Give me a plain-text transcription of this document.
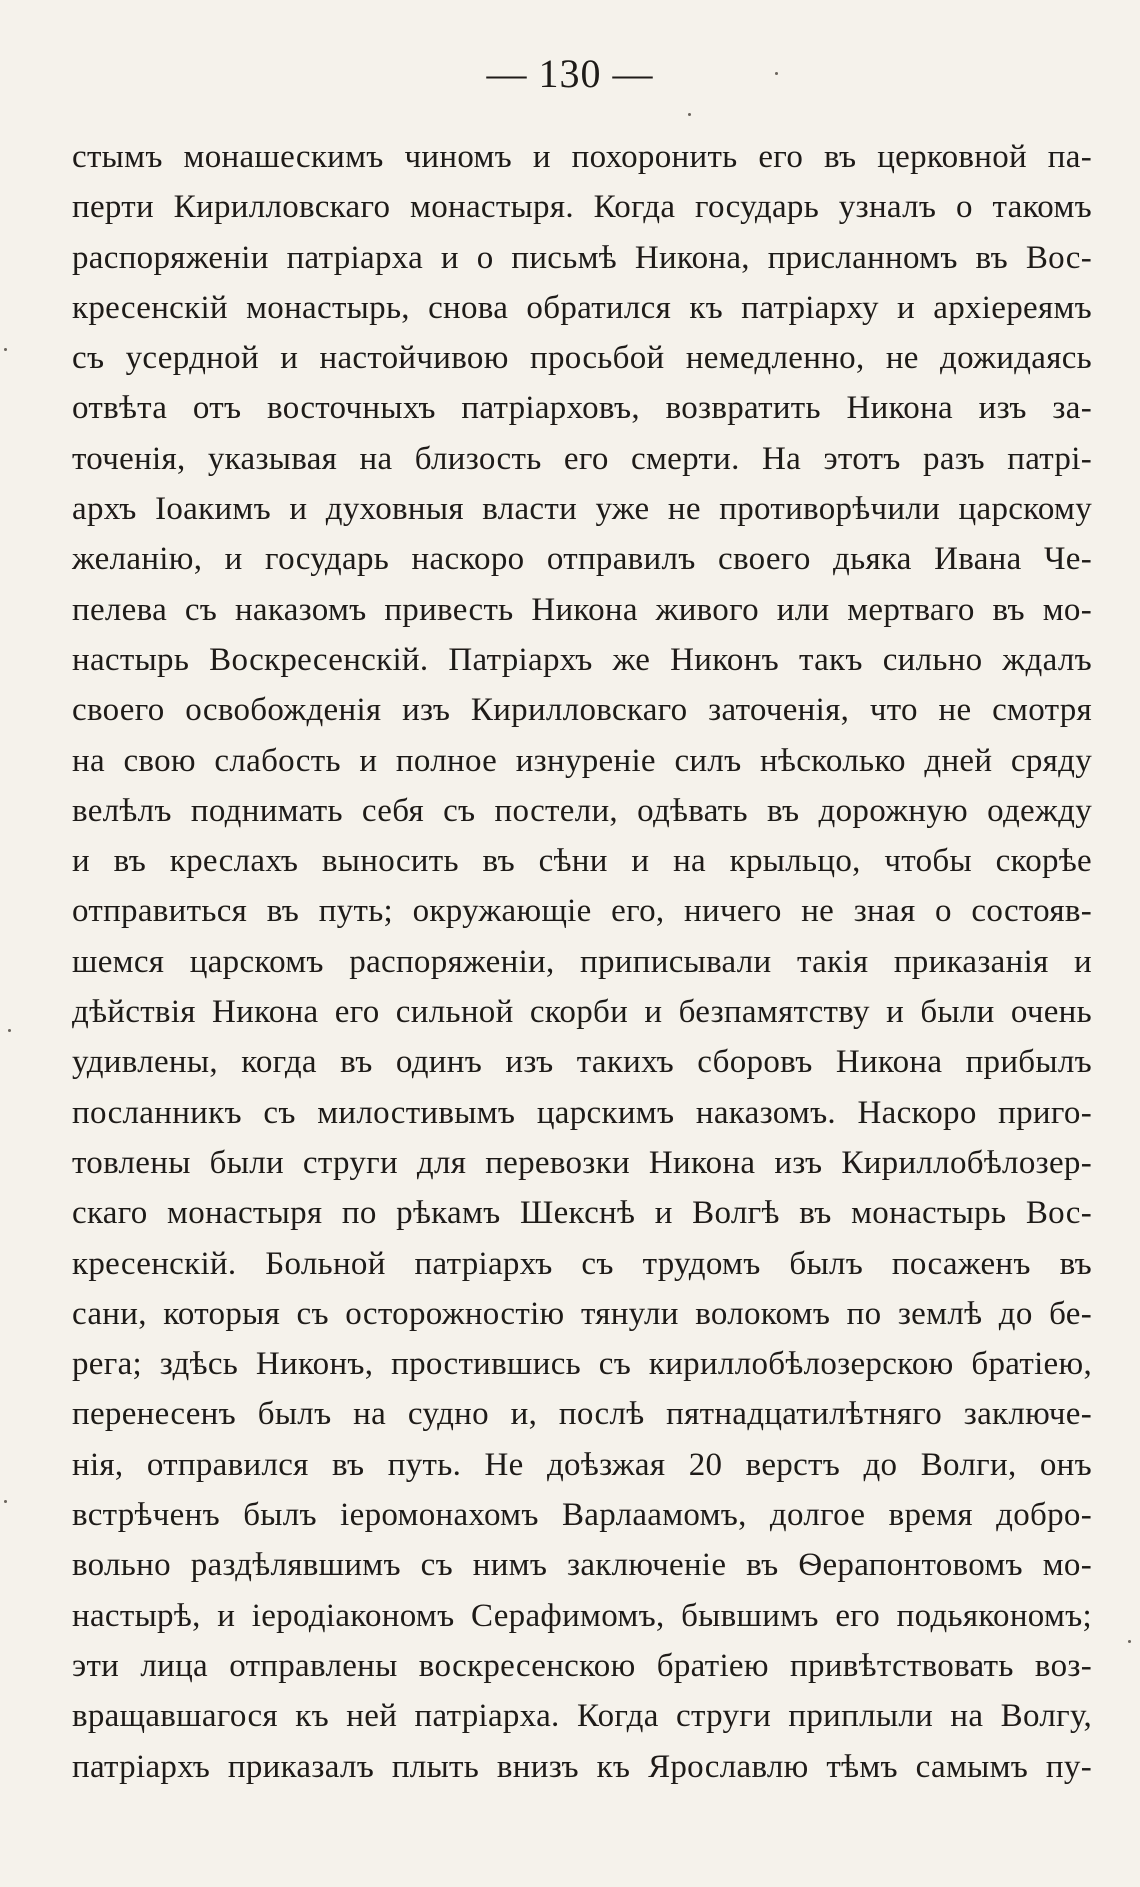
— 130 —
стымъ монашескимъ чиномъ и похоронить его въ церковной па-
перти Кирилловскаго монастыря. Когда государь узналъ о такомъ
распоряженіи патріарха и о письмѣ Никона, присланномъ въ Вос-
кресенскій монастырь, снова обратился къ патріарху и архіереямъ
съ усердной и настойчивою просьбой немедленно, не дожидаясь
отвѣта отъ восточныхъ патріарховъ, возвратить Никона изъ за-
точенія, указывая на близость его смерти. На этотъ разъ патрі-
архъ Іоакимъ и духовныя власти уже не противорѣчили царскому
желанію, и государь наскоро отправилъ своего дьяка Ивана Че-
пелева съ наказомъ привесть Никона живого или мертваго въ мо-
настырь Воскресенскій. Патріархъ же Никонъ такъ сильно ждалъ
своего освобожденія изъ Кирилловскаго заточенія, что не смотря
на свою слабость и полное изнуреніе силъ нѣсколько дней сряду
велѣлъ поднимать себя съ постели, одѣвать въ дорожную одежду
и въ креслахъ выносить въ сѣни и на крыльцо, чтобы скорѣе
отправиться въ путь; окружающіе его, ничего не зная о состояв-
шемся царскомъ распоряженіи, приписывали такія приказанія и
дѣйствія Никона его сильной скорби и безпамятству и были очень
удивлены, когда въ одинъ изъ такихъ сборовъ Никона прибылъ
посланникъ съ милостивымъ царскимъ наказомъ. Наскоро приго-
товлены были струги для перевозки Никона изъ Кириллобѣлозер-
скаго монастыря по рѣкамъ Шекснѣ и Волгѣ въ монастырь Вос-
кресенскій. Больной патріархъ съ трудомъ былъ посаженъ въ
сани, которыя съ осторожностію тянули волокомъ по землѣ до бе-
рега; здѣсь Никонъ, простившись съ кириллобѣлозерскою братіею,
перенесенъ былъ на судно и, послѣ пятнадцатилѣтняго заключе-
нія, отправился въ путь. Не доѣзжая 20 верстъ до Волги, онъ
встрѣченъ былъ іеромонахомъ Варлаамомъ, долгое время добро-
вольно раздѣлявшимъ съ нимъ заключеніе въ Ѳерапонтовомъ мо-
настырѣ, и іеродіакономъ Серафимомъ, бывшимъ его подьякономъ;
эти лица отправлены воскресенскою братіею привѣтствовать воз-
вращавшагося къ ней патріарха. Когда струги приплыли на Волгу,
патріархъ приказалъ плыть внизъ къ Ярославлю тѣмъ самымъ пу-
